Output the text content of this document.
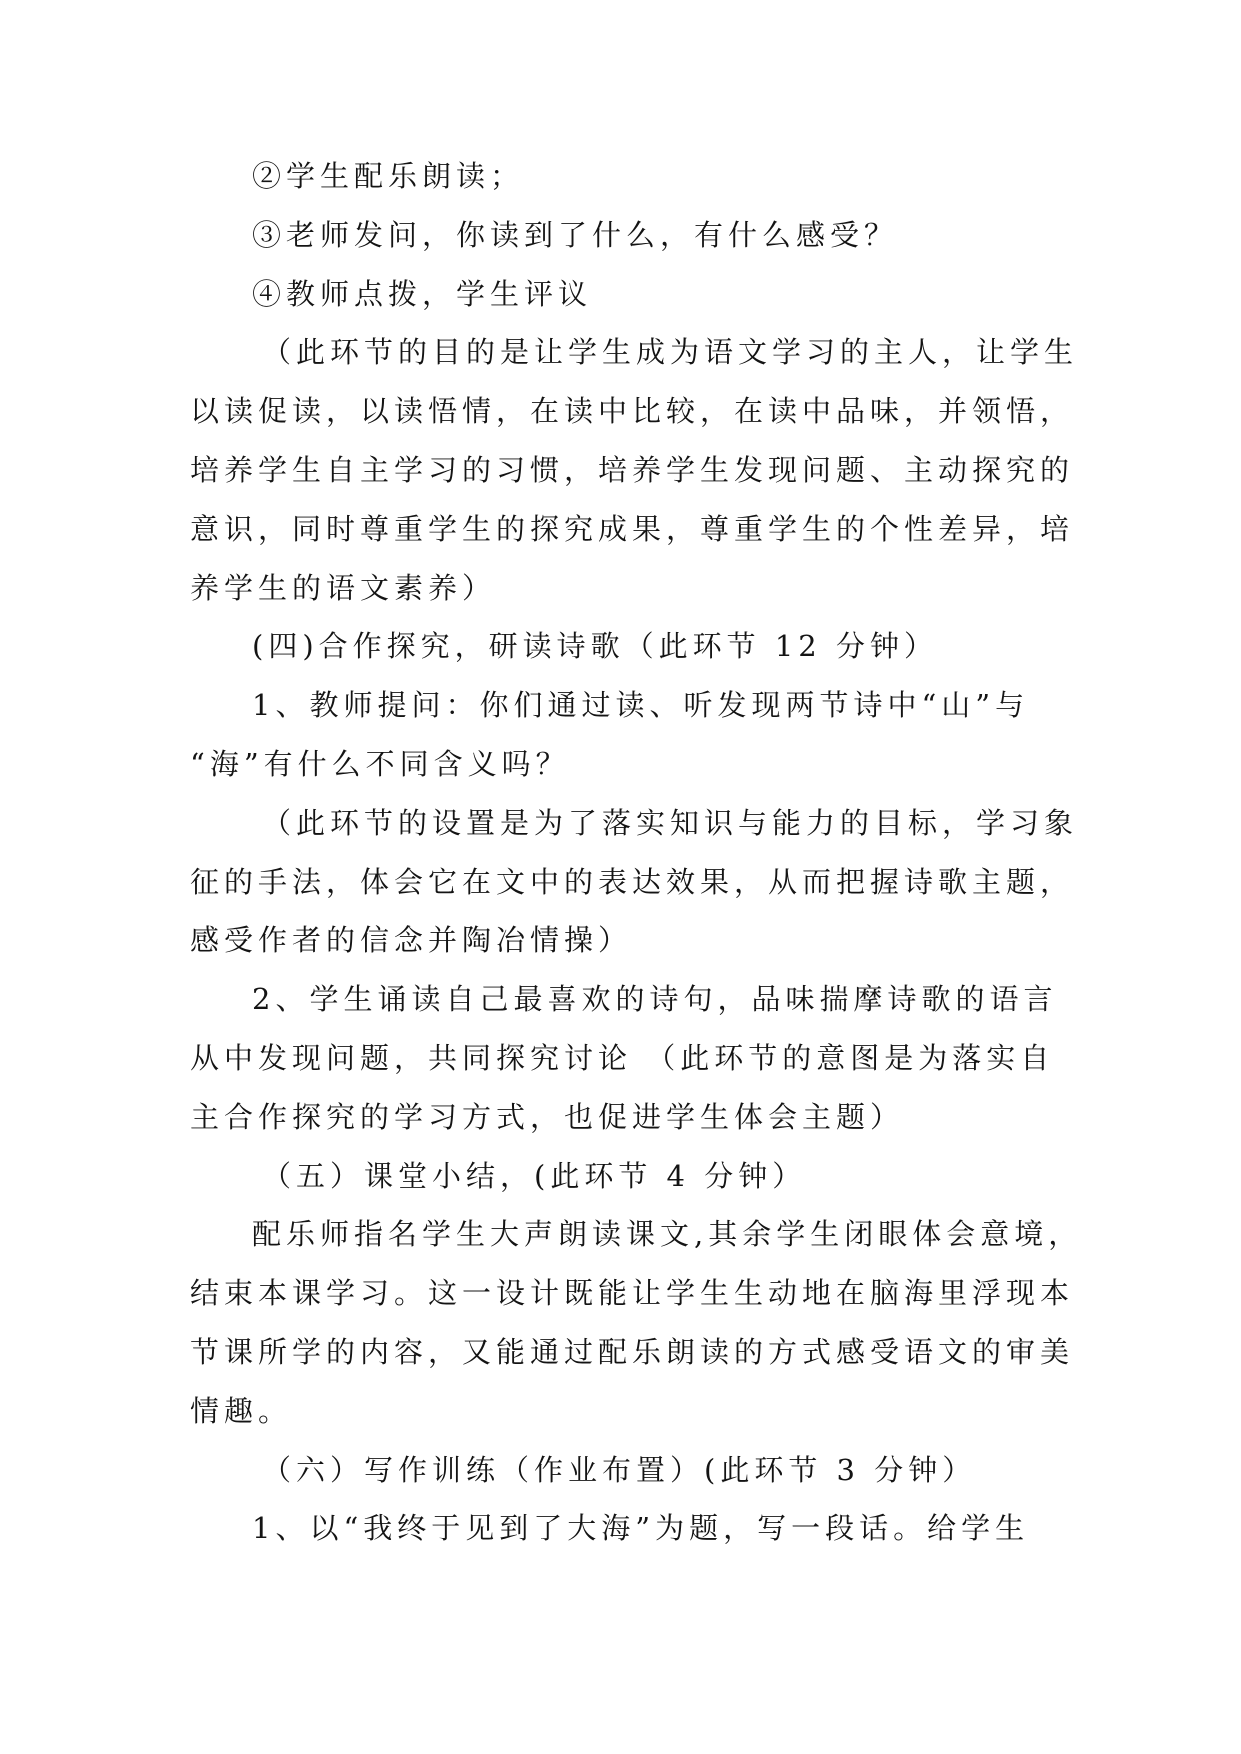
②学生配乐朗读；
③老师发问，你读到了什么，有什么感受？
④教师点拨，学生评议
（此环节的目的是让学生成为语文学习的主人，让学生
以读促读，以读悟情，在读中比较，在读中品味，并领悟，
培养学生自主学习的习惯，培养学生发现问题、主动探究的
意识，同时尊重学生的探究成果，尊重学生的个性差异，培
养学生的语文素养）
(四)合作探究，研读诗歌（此环节 12 分钟）
1、教师提问：你们通过读、听发现两节诗中“山”与
“海”有什么不同含义吗？
（此环节的设置是为了落实知识与能力的目标，学习象
征的手法，体会它在文中的表达效果，从而把握诗歌主题，
感受作者的信念并陶冶情操）
2、学生诵读自己最喜欢的诗句，品味揣摩诗歌的语言
从中发现问题，共同探究讨论 （此环节的意图是为落实自
主合作探究的学习方式，也促进学生体会主题）
（五）课堂小结，(此环节 4 分钟）
配乐师指名学生大声朗读课文,其余学生闭眼体会意境，
结束本课学习。这一设计既能让学生生动地在脑海里浮现本
节课所学的内容，又能通过配乐朗读的方式感受语文的审美
情趣。
（六）写作训练（作业布置）(此环节 3 分钟）
1、以“我终于见到了大海”为题，写一段话。给学生
